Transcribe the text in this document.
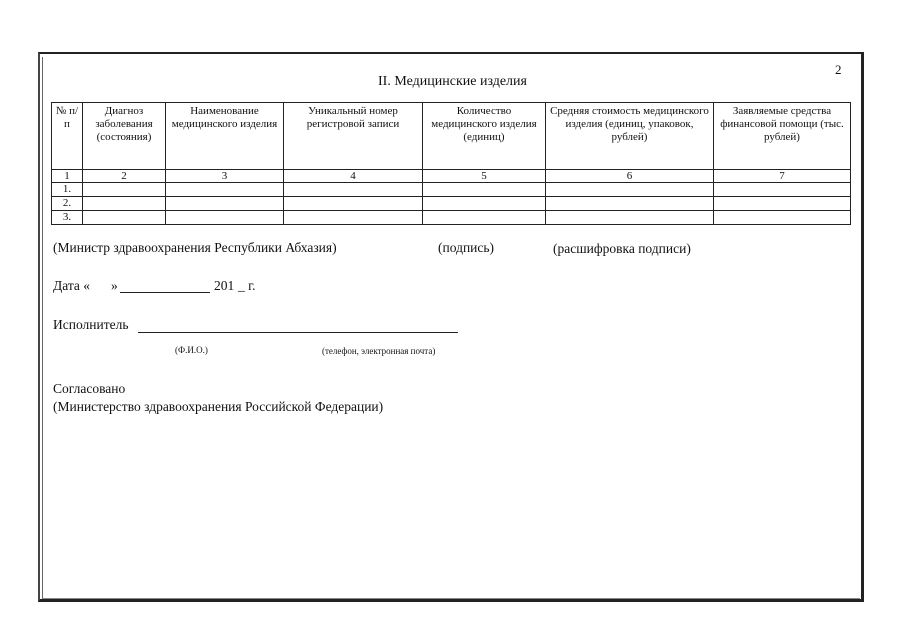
2
II. Медицинские изделия
№ п/п	Диагноз заболевания (состояния)	Наименование медицинского изделия	Уникальный номер регистровой записи	Количество медицинского изделия (единиц)	Средняя стоимость медицинского изделия (единиц, упаковок, рублей)	Заявляемые средства финансовой помощи (тыс. рублей)
1	2	3	4	5	6	7
1.						
2.						
3.						
(Министр здравоохранения Республики Абхазия)	(подпись)	(расшифровка подписи)
Дата « »	201 _ г.
Исполнитель
(Ф.И.О.)	(телефон, электронная почта)
Согласовано
(Министерство здравоохранения Российской Федерации)
